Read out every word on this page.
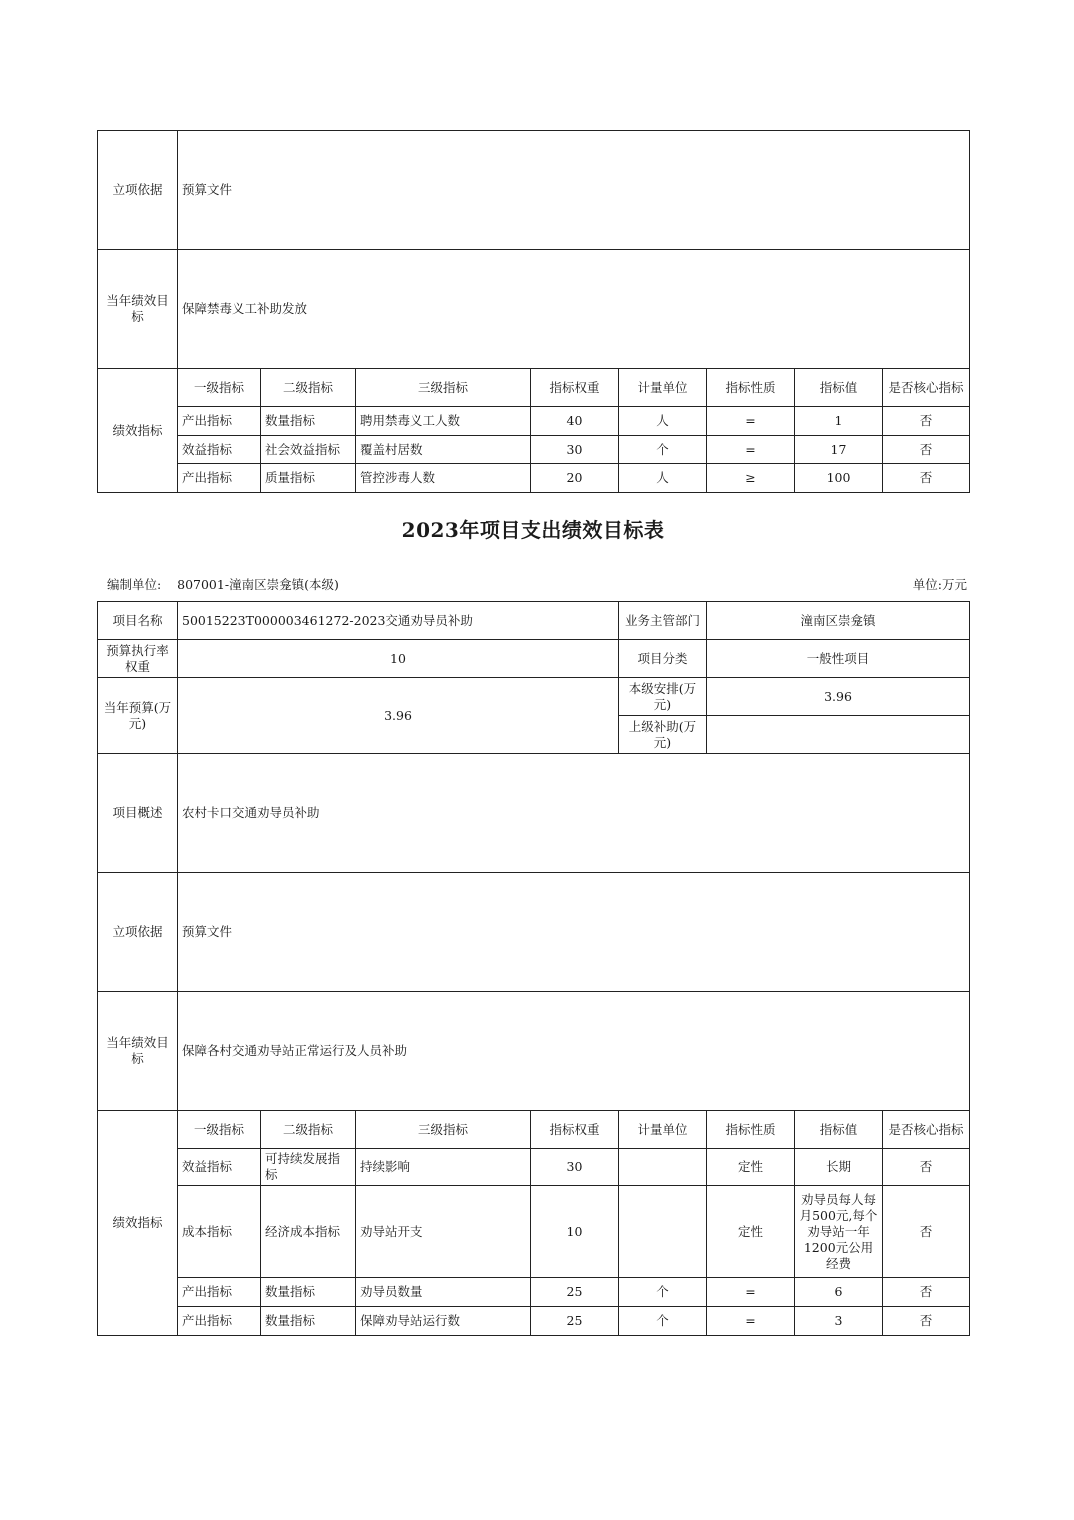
立项依据	预算文件							
当年绩效目标	保障禁毒义工补助发放							
绩效指标	一级指标	二级指标	三级指标	指标权重	计量单位	指标性质	指标值	是否核心指标
	产出指标	数量指标	聘用禁毒义工人数	40	人	=	1	否
	效益指标	社会效益指标	覆盖村居数	30	个	=	17	否
	产出指标	质量指标	管控涉毒人数	20	人	≥	100	否
2023年项目支出绩效目标表
编制单位: 807001-潼南区崇龛镇(本级)	单位:万元
项目名称	50015223T000003461272-2023交通劝导员补助				业务主管部门	潼南区崇龛镇		
预算执行率权重	10				项目分类	一般性项目		
当年预算(万元)	3.96				本级安排(万元)	3.96		
					上级补助(万元)			
项目概述	农村卡口交通劝导员补助							
立项依据	预算文件							
当年绩效目标	保障各村交通劝导站正常运行及人员补助							
绩效指标	一级指标	二级指标	三级指标	指标权重	计量单位	指标性质	指标值	是否核心指标
	效益指标	可持续发展指标	持续影响	30		定性	长期	否
	成本指标	经济成本指标	劝导站开支	10		定性	劝导员每人每月500元,每个劝导站一年1200元公用经费	否
	产出指标	数量指标	劝导员数量	25	个	=	6	否
	产出指标	数量指标	保障劝导站运行数	25	个	=	3	否
